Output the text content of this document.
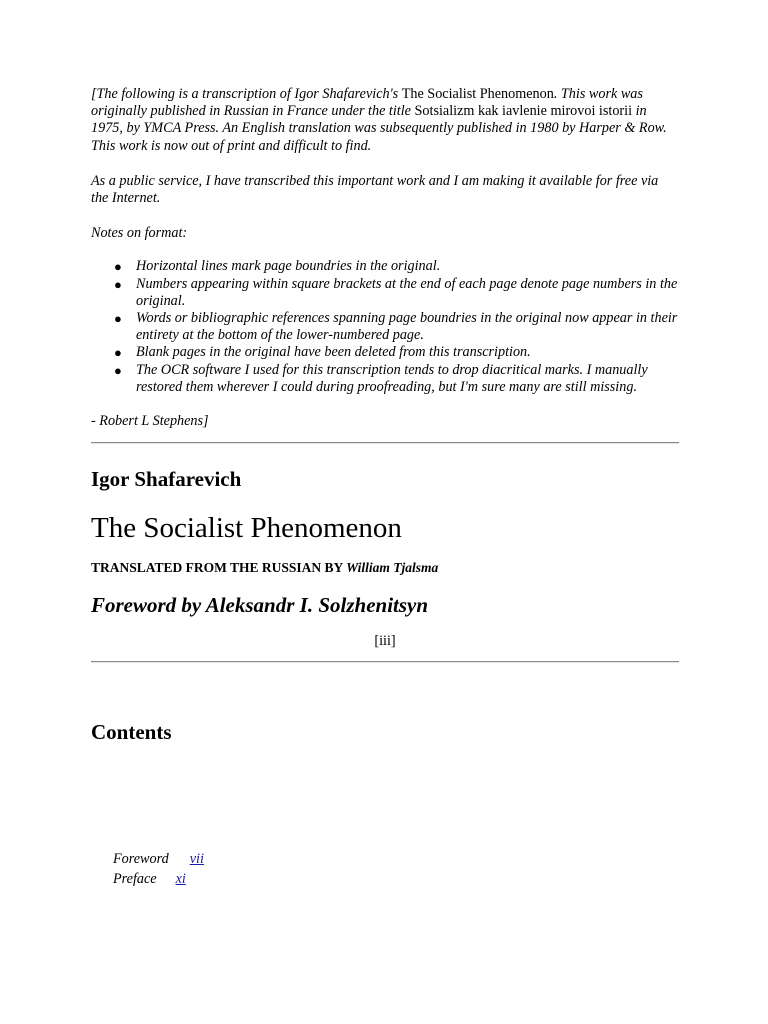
[The following is a transcription of Igor Shafarevich's The Socialist Phenomenon. This work was originally published in Russian in France under the title Sotsializm kak iavlenie mirovoi istorii in 1975, by YMCA Press. An English translation was subsequently published in 1980 by Harper & Row. This work is now out of print and difficult to find.

As a public service, I have transcribed this important work and I am making it available for free via the Internet.

Notes on format:

● Horizontal lines mark page boundries in the original.
● Numbers appearing within square brackets at the end of each page denote page numbers in the original.
● Words or bibliographic references spanning page boundries in the original now appear in their entirety at the bottom of the lower-numbered page.
● Blank pages in the original have been deleted from this transcription.
● The OCR software I used for this transcription tends to drop diacritical marks. I manually restored them wherever I could during proofreading, but I'm sure many are still missing.

- Robert L Stephens]

Igor Shafarevich
The Socialist Phenomenon

TRANSLATED FROM THE RUSSIAN BY William Tjalsma

Foreword by Aleksandr I. Solzhenitsyn

[iii]

Contents
Foreword vii
Preface xi
